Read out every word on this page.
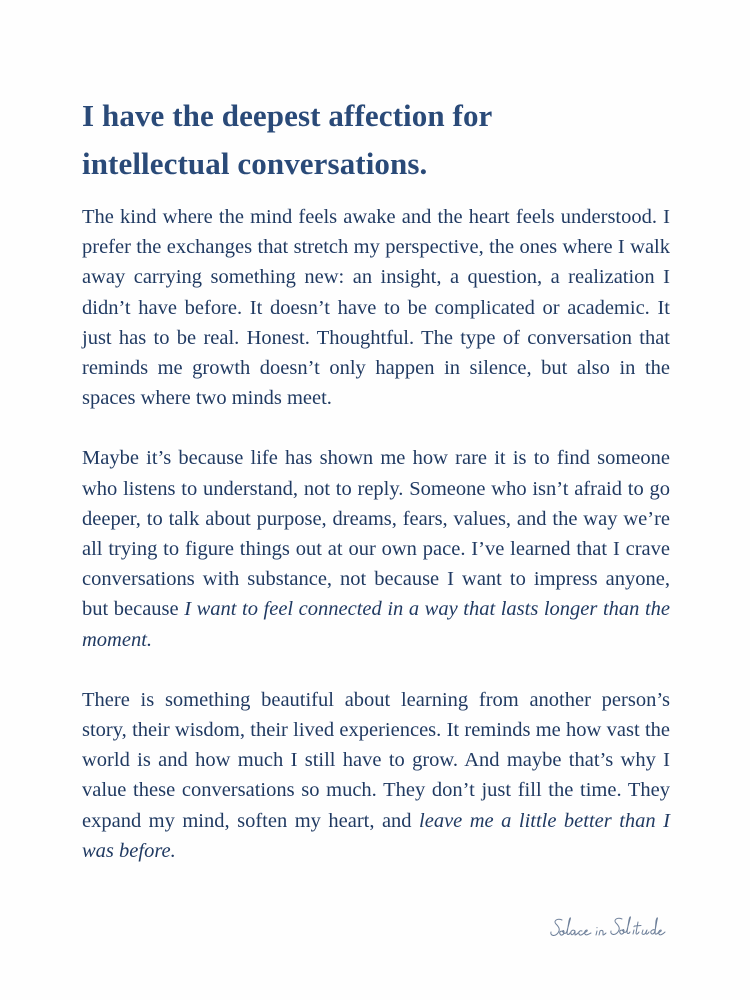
I have the deepest affection for
intellectual conversations.

The kind where the mind feels awake and the heart feels understood. I prefer the exchanges that stretch my perspective, the ones where I walk away carrying something new: an insight, a question, a realization I didn’t have before. It doesn’t have to be complicated or academic. It just has to be real. Honest. Thoughtful. The type of conversation that reminds me growth doesn’t only happen in silence, but also in the spaces where two minds meet.

Maybe it’s because life has shown me how rare it is to find someone who listens to understand, not to reply. Someone who isn’t afraid to go deeper, to talk about purpose, dreams, fears, values, and the way we’re all trying to figure things out at our own pace. I’ve learned that I crave conversations with substance, not because I want to impress anyone, but because I want to feel connected in a way that lasts longer than the moment.

There is something beautiful about learning from another person’s story, their wisdom, their lived experiences. It reminds me how vast the world is and how much I still have to grow. And maybe that’s why I value these conversations so much. They don’t just fill the time. They expand my mind, soften my heart, and leave me a little better than I was before.
